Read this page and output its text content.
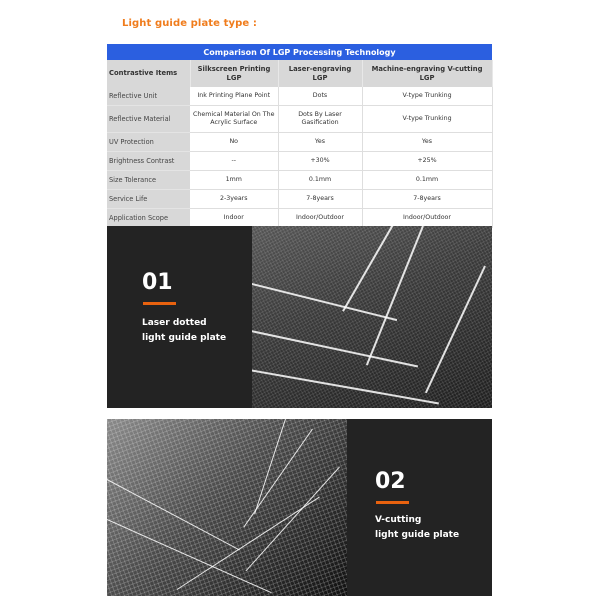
Light guide plate type :
Comparison Of LGP Processing Technology			
Contrastive Items	Silkscreen Printing LGP	Laser-engraving LGP	Machine-engraving V-cutting LGP
Reflective Unit	Ink Printing Plane Point	Dots	V-type Trunking
Reflective Material	Chemical Material On The Acrylic Surface	Dots By Laser Gasification	V-type Trunking
UV Protection	No	Yes	Yes
Brightness Contrast	--	+30%	+25%
Size Tolerance	1mm	0.1mm	0.1mm
Service Life	2-3years	7-8years	7-8years
Application Scope	Indoor	Indoor/Outdoor	Indoor/Outdoor
01
Laser dotted
light guide plate
02
V-cutting
light guide plate
